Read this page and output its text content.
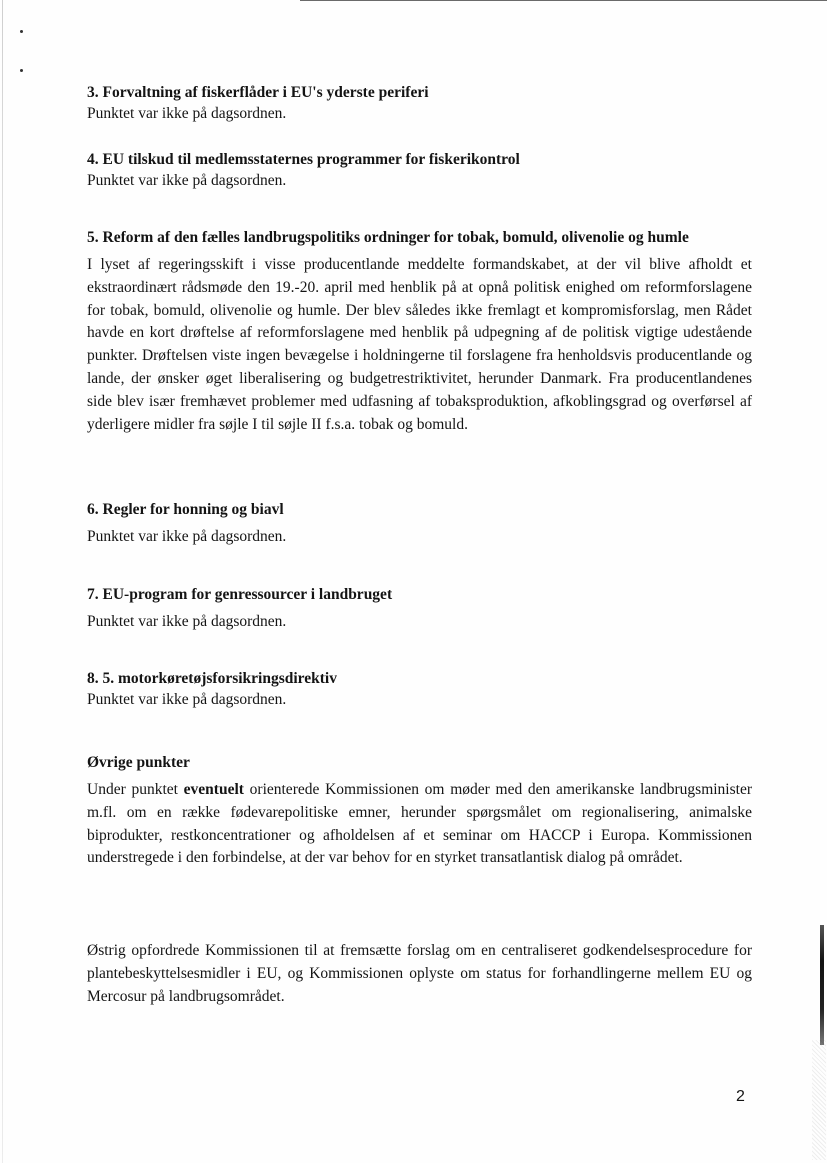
3. Forvaltning af fiskerflåder i EU's yderste periferi

Punktet var ikke på dagsordnen.

4. EU tilskud til medlemsstaternes programmer for fiskerikontrol

Punktet var ikke på dagsordnen.

5. Reform af den fælles landbrugspolitiks ordninger for tobak, bomuld, olivenolie og humle

I lyset af regeringsskift i visse producentlande meddelte formandskabet, at der vil blive afholdt et ekstraordinært rådsmøde den 19.-20. april med henblik på at opnå politisk enighed om reformforslagene for tobak, bomuld, olivenolie og humle. Der blev således ikke fremlagt et kompromisforslag, men Rådet havde en kort drøftelse af reformforslagene med henblik på udpegning af de politisk vigtige udestående punkter. Drøftelsen viste ingen bevægelse i holdningerne til forslagene fra henholdsvis producentlande og lande, der ønsker øget liberalisering og budgetrestriktivitet, herunder Danmark. Fra producentlandenes side blev især fremhævet problemer med udfasning af tobaksproduktion, afkoblingsgrad og overførsel af yderligere midler fra søjle I til søjle II f.s.a. tobak og bomuld.

6. Regler for honning og biavl

Punktet var ikke på dagsordnen.

7. EU-program for genressourcer i landbruget

Punktet var ikke på dagsordnen.

8. 5. motorkøretøjsforsikringsdirektiv

Punktet var ikke på dagsordnen.

Øvrige punkter

Under punktet eventuelt orienterede Kommissionen om møder med den amerikanske landbrugsminister m.fl. om en række fødevarepolitiske emner, herunder spørgsmålet om regionalisering, animalske biprodukter, restkoncentrationer og afholdelsen af et seminar om HACCP i Europa. Kommissionen understregede i den forbindelse, at der var behov for en styrket transatlantisk dialog på området.

Østrig opfordrede Kommissionen til at fremsætte forslag om en centraliseret godkendelsesprocedure for plantebeskyttelsesmidler i EU, og Kommissionen oplyste om status for forhandlingerne mellem EU og Mercosur på landbrugsområdet.

2
